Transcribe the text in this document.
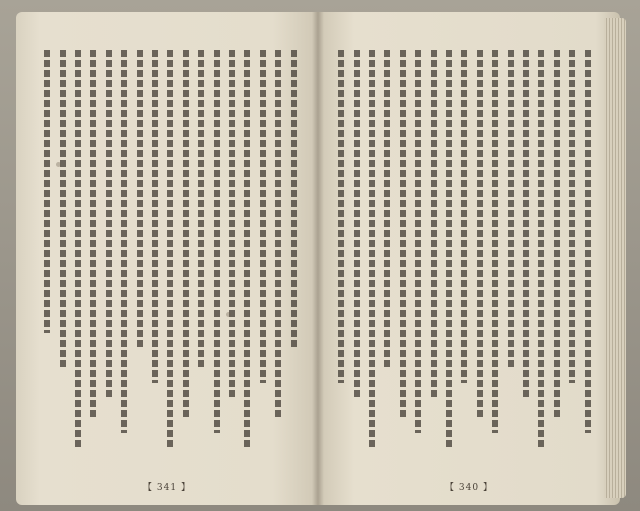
【 341 】	【 340 】
